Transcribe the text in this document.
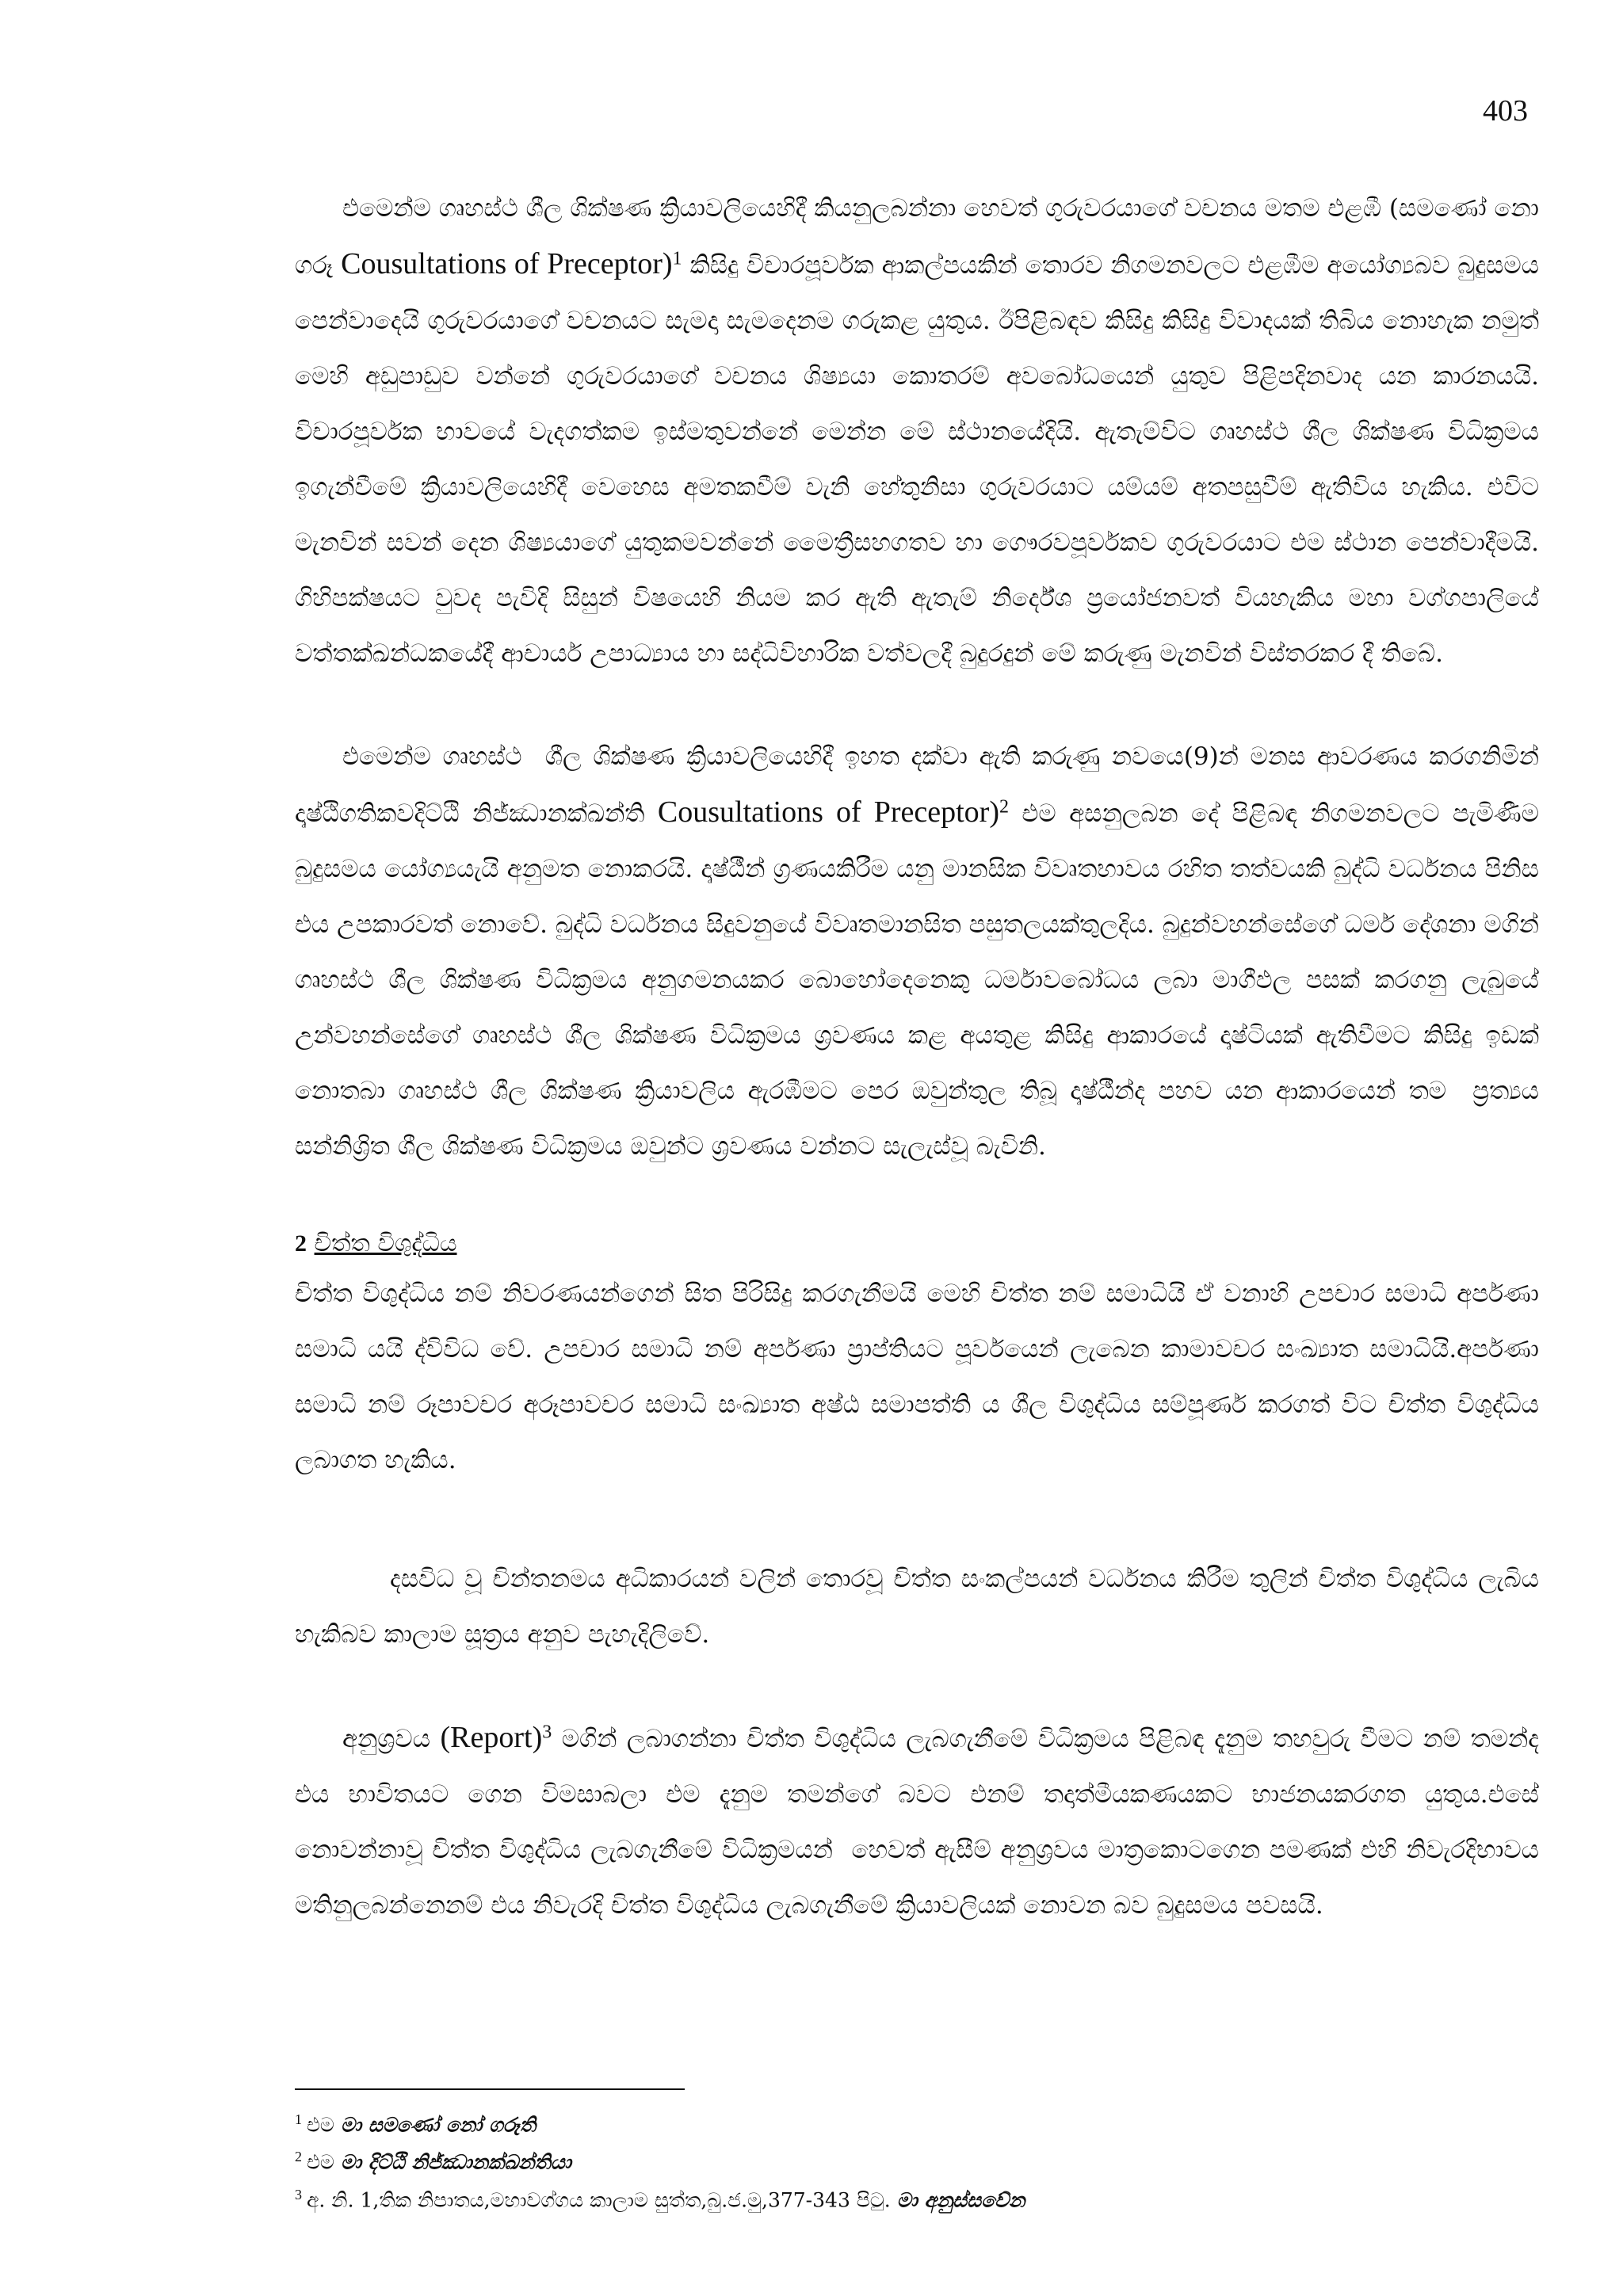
403

එමෙන්ම ගෘහස්ථ ශීල ශික්ෂණ ක්‍රියාවලියෙහිදී කියනුලබන්නා හෙවත් ගුරුවරයාගේ වචනය මතම එළඹී (සමණෝ නො ගරූ Cousultations of Preceptor)$^1$ කිසිදු විචාරපූර්වක ආකල්පයකින් තොරව නිගමනවලට එළඹීම අයෝග්‍යබව බුදුසමය පෙන්වාදෙයි ගුරුවරයාගේ වචනයට සැමදා සැමදෙනම ගරුකළ යුතුය. ඊපිළිබඳව කිසිදු කිසිදු විවාදයක් තිබිය නොහැක නමුත් මෙහි අඩුපාඩුව වන්නේ ගුරුවරයාගේ වචනය ශිෂ්‍යයා කොතරම් අවබෝධයෙන් යුතුව පිළිපදිනවාද යන කාරනයයි. විචාරපූර්වක භාවයේ වැදගත්කම ඉස්මතුවන්නේ මෙන්න මේ ස්ථානයේදියි. ඇතැම්විට ගෘහස්ථ ශීල ශික්ෂණ විධික්‍රමය ඉගැන්වීමේ ක්‍රියාවලියෙහිදී වෙහෙස අමතකවීම් වැනි හේතුනිසා ගුරුවරයාට යම්යම් අතපසුවීම් ඇතිවිය හැකිය. එවිට මැනවින් සවන් දෙන ශිෂ්‍යයාගේ යුතුකමවන්නේ මෛත්‍රීසහගතව හා ගෞරවපූර්වකව ගුරුවරයාට එම ස්ථාන පෙන්වාදීමයි. ගිහිපක්ෂයට වුවද පැවිදි සිසුන් විෂයෙහි නියම කර ඇති ඇතැම් නිර්දේශ ප්‍රයෝජනවත් වියහැකිය මහා වග්ගපාලියේ වත්තක්ඛන්ධකයේදී ආචාර්ය උපාධ්‍යාය හා සද්ධිවිහාරික වත්වලදී බුදුරදුන් මේ කරුණු මැනවින් විස්තරකර දී තිබේ.

එමෙන්ම ගෘහස්ථ  ශීල ශික්ෂණ ක්‍රියාවලියෙහිදී ඉහත දක්වා ඇති කරුණු නවයෙ(9)න් මනස ආවරණය කරගනිමින් දෘෂ්ඨිගතිකවදිට්ඨි නිජ්ඣානක්ඛන්ති Cousultations of Preceptor)$^2$ එම අසනුලබන දේ පිළිබඳ නිගමනවලට පැමිණීම බුදුසමය යෝග්‍යයැයි අනුමත නොකරයි. දෘෂ්ඨීන් ග්‍රණයකිරීම යනු මානසික විවෘතභාවය රහිත තත්වයකි බුද්ධි වර්ධනය පිනිස එය උපකාරවත් නොවේ. බුද්ධි වර්ධනය සිදුවනුයේ විවෘතමානසිත පසුතලයක්තුලදිය. බුදුන්වහන්සේගේ ධර්ම දේශනා මගින් ගෘහස්ථ ශීල ශික්ෂණ විධික්‍රමය අනුගමනයකර බොහෝදෙනෙකු ධර්මාවබෝධය ලබා මාගීඵල පසක් කරගනු ලැබුයේ උන්වහන්සේගේ ගෘහස්ථ ශීල ශික්ෂණ විධික්‍රමය ශ්‍රවණය කළ අයතුළ කිසිදු ආකාරයේ දෘෂ්ටියක් ඇතිවීමට කිසිදු ඉඩක් නොතබා ගෘහස්ථ ශීල ශික්ෂණ ක්‍රියාවලිය ඇරඹීමට පෙර ඔවුන්තුල තිබූ දෘෂ්ඨීන්ද පහව යන ආකාරයෙන් තම  ප්‍රත්‍යය සන්නිශ්‍රිත ශීල ශික්ෂණ විධික්‍රමය ඔවුන්ට ශ්‍රවණය වන්නට සැලැස්වූ බැවිනි.

2 චිත්ත විශුද්ධිය

චිත්ත විශුද්ධිය නම් නිවරණයන්ගෙන් සිත පිරිසිදු කරගැනීමයි මෙහි චිත්ත නම් සමාධියි ඒ වනාහි උපචාර සමාධි අර්පණා සමාධි යයි ද්විවිධ වේ. උපචාර සමාධි නම් අර්පණා ප්‍රාප්තියට පූර්වයෙන් ලැබෙන කාමාවචර සංඛ්‍යාත සමාධියි.අර්පණා සමාධි නම් රූපාවචර අරූපාවචර සමාධි සංඛ්‍යාත අෂ්ඨ සමාපත්ති ය ශීල විශුද්ධිය සම්පූර්ණ කරගත් විට චිත්ත විශුද්ධිය ලබාගත හැකිය.

දසවිධ වූ චින්තනමය අධිකාරයන් වලින් තොරවූ චිත්ත සංකල්පයන් වර්ධනය කිරීම තුලින් චිත්ත විශුද්ධිය ලැබිය හැකිබව කාලාම සූත්‍රය අනුව පැහැදිලිවේ.

අනුශ්‍රවය (Report)$^3$ මගින් ලබාගන්නා චිත්ත විශුද්ධිය ලැබගැනීමේ විධික්‍රමය පිළිබඳ දැනුම තහවුරු වීමට නම් තමන්ද එය භාවිතයට ගෙන විමසාබලා එම දැනුම තමන්ගේ බවට එනම් තදාත්මීයකණයකට භාජනයකරගත යුතුය.එසේ නොවන්නාවූ චිත්ත විශුද්ධිය ලැබගැනීමේ විධික්‍රමයන්  හෙවත් ඇසීම් අනුශ්‍රවය මාත්‍රකොටගෙන පමණක් එහි නිවැරදිභාවය මතිනුලබන්නෙනම් එය නිවැරදි චිත්ත විශුද්ධිය ලැබගැනීමේ ක්‍රියාවලියක් නොවන බව බුදුසමය පවසයි.

$^1$ එම මා සමණෝ නෝ ගරූති

$^2$ එම මා දිට්ඨි නිජ්ඣානක්ඛන්තියා

$^3$ අ. නි. 1,තික නිපාතය,මහාවග්ගය කාලාම සුත්ත,බු.ජ.මු,377-343 පිටු. මා අනුස්සවේන
